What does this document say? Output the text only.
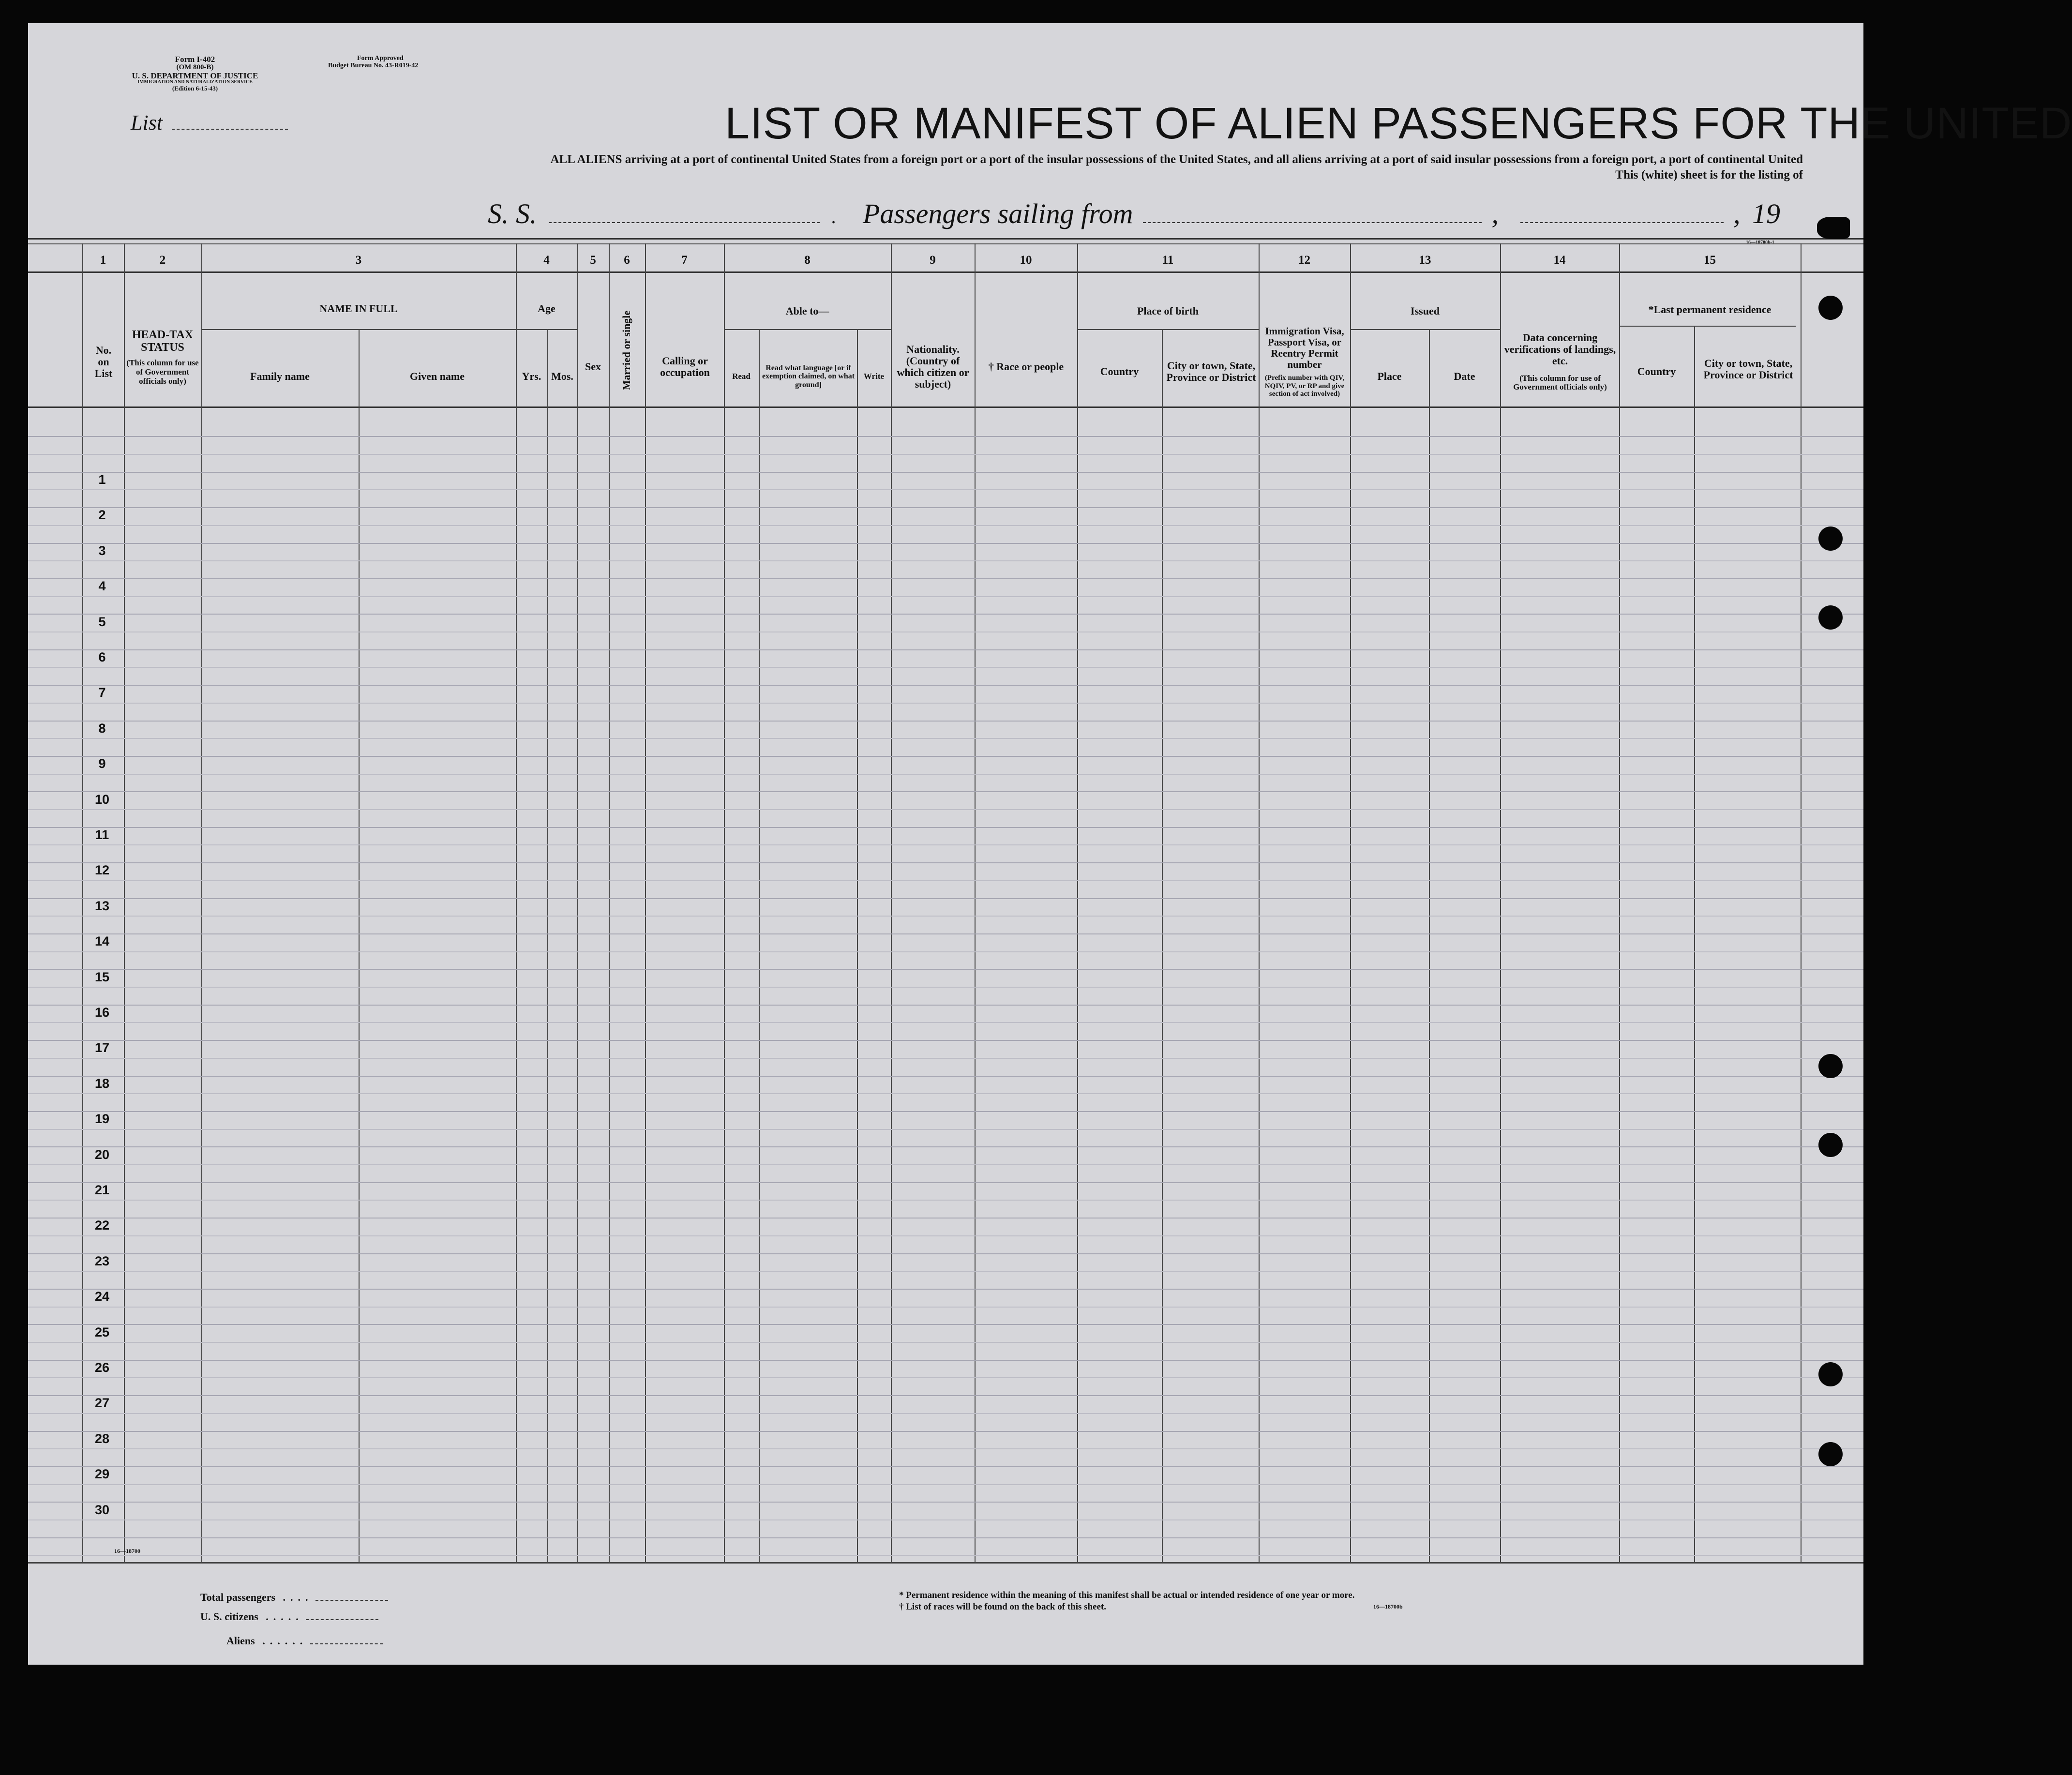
Form I-402
(OM 800-B)
U. S. DEPARTMENT OF JUSTICE
IMMIGRATION AND NATURALIZATION SERVICE
(Edition 6-15-43)
Form Approved
Budget Bureau No. 43-R019-42
List	LIST OR MANIFEST OF ALIEN PASSENGERS FOR THE UNITED
ALL ALIENS arriving at a port of continental United States from a foreign port or a port of the insular possessions of the United States, and all aliens arriving at a port of said insular possessions from a foreign port, a port of continental United
This (white) sheet is for the listing of
S. S.	. Passengers sailing from	,	, 19
16—18700b-1
1	2	3	4	5	6	7	8	9	10	11	12	13	14	15
No. on List
HEAD-TAX STATUS
(This column for use of Government officials only)
NAME IN FULL
Family name	Given name
Age
Yrs. Mos.
Sex	Married or single	Calling or occupation
Able to—
Read
Read what language [or if exemption claimed, on what ground]
Write
Nationality. (Country of which citizen or subject)
† Race or people
Place of birth
Country	City or town, State, Province or District
Immigration Visa, Passport Visa, or Reentry Permit number
(Prefix number with QIV, NQIV, PV, or RP and give section of act involved)
Issued
Place	Date
Data concerning verifications of landings, etc.
(This column for use of Government officials only)
*Last permanent residence
Country
City or town, State, Province or District
1
2
3
4
5
6
7
8
9
10
11
12
13
14
15
16
17
18
19
20
21
22
23
24
25
26
27
28
29
30
16—18700
Total passengers ....
U. S. citizens .....
Aliens ......
* Permanent residence within the meaning of this manifest shall be actual or intended residence of one year or more.
† List of races will be found on the back of this sheet.	16—18700b
